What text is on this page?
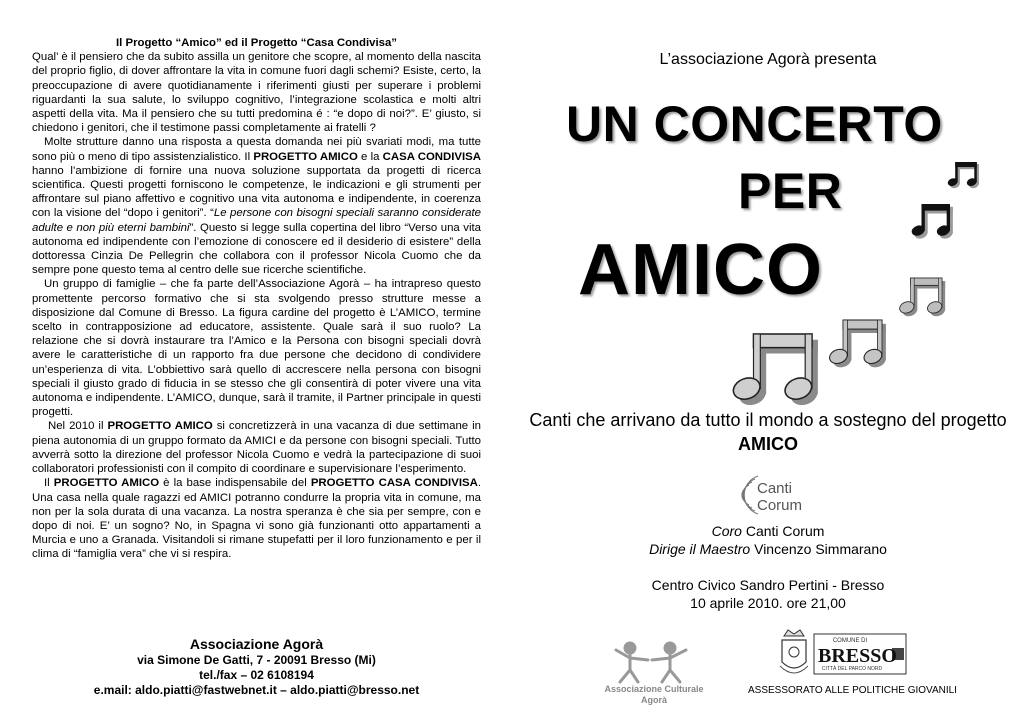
Il Progetto “Amico” ed il Progetto “Casa Condivisa”

Qual’ è il pensiero che da subito assilla un genitore che scopre, al momento della nascita del proprio figlio, di dover affrontare la vita in comune fuori dagli schemi? Esiste, certo, la preoccupazione di avere quotidianamente i riferimenti giusti per superare i problemi riguardanti la sua salute, lo sviluppo cognitivo, l’integrazione scolastica e molti altri aspetti della vita. Ma il pensiero che su tutti predomina é : “e dopo di noi?”. E’ giusto, si chiedono i genitori, che il testimone passi completamente ai fratelli ?

Molte strutture danno una risposta a questa domanda nei più svariati modi, ma tutte sono più o meno di tipo assistenzialistico. Il PROGETTO AMICO e la CASA CONDIVISA hanno l’ambizione di fornire una nuova soluzione supportata da progetti di ricerca scientifica. Questi progetti forniscono le competenze, le indicazioni e gli strumenti per affrontare sul piano affettivo e cognitivo una vita autonoma e indipendente, in coerenza con la visione del “dopo i genitori”. “Le persone con bisogni speciali saranno considerate adulte e non più eterni bambini”. Questo si legge sulla copertina del libro “Verso una vita autonoma ed indipendente con l’emozione di conoscere ed il desiderio di esistere” della dottoressa Cinzia De Pellegrin che collabora con il professor Nicola Cuomo che da sempre pone questo tema al centro delle sue ricerche scientifiche.

Un gruppo di famiglie – che fa parte dell’Associazione Agorà – ha intrapreso questo promettente percorso formativo che si sta svolgendo presso strutture messe a disposizione dal Comune di Bresso. La figura cardine del progetto è L’AMICO, termine scelto in contrapposizione ad educatore, assistente. Quale sarà il suo ruolo? La relazione che si dovrà instaurare tra l’Amico e la Persona con bisogni speciali dovrà avere le caratteristiche di un rapporto fra due persone che decidono di condividere un’esperienza di vita. L’obbiettivo sarà quello di accrescere nella persona con bisogni speciali il giusto grado di fiducia in se stesso che gli consentirà di poter vivere una vita autonoma e indipendente. L’AMICO, dunque, sarà il tramite, il Partner principale in questi progetti.

Nel 2010 il PROGETTO AMICO si concretizzerà in una vacanza di due settimane in piena autonomia di un gruppo formato da AMICI e da persone con bisogni speciali. Tutto avverrà sotto la direzione del professor Nicola Cuomo e vedrà la partecipazione di suoi collaboratori professionisti con il compito di coordinare e supervisionare l’esperimento.

Il PROGETTO AMICO è la base indispensabile del PROGETTO CASA CONDIVISA. Una casa nella quale ragazzi ed AMICI potranno condurre la propria vita in comune, ma non per la sola durata di una vacanza. La nostra speranza è che sia per sempre, con e dopo di noi. E’ un sogno? No, in Spagna vi sono già funzionanti otto appartamenti a Murcia e uno a Granada. Visitandoli si rimane stupefatti per il loro funzionamento e per il clima di “famiglia vera” che vi si respira.

Associazione Agorà
via Simone De Gatti, 7 - 20091 Bresso (Mi)
tel./fax – 02 6108194
e.mail: aldo.piatti@fastwebnet.it – aldo.piatti@bresso.net
L’associazione Agorà presenta
UN CONCERTO
PER
AMICO
Canti che arrivano da tutto il mondo a sostegno del progetto AMICO
Canti
Corum
Coro Canti Corum
Dirige il Maestro Vincenzo Simmarano
Centro Civico Sandro Pertini - Bresso
10 aprile 2010. ore 21,00
Associazione Culturale
Agorà
COMUNE DI
BRESSO
CITTÀ DEL PARCO NORD
ASSESSORATO ALLE POLITICHE GIOVANILI
